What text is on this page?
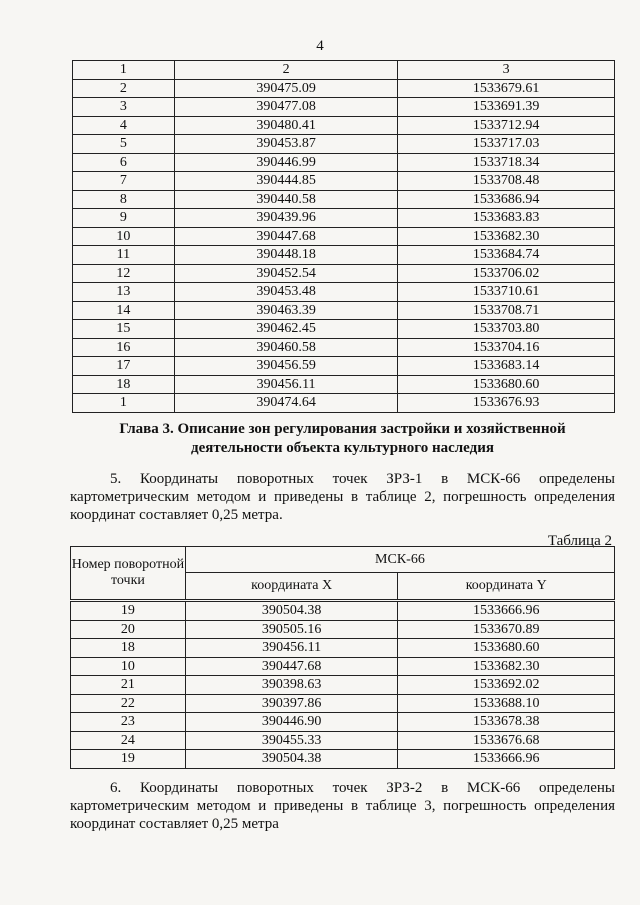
4
1	2	3
2	390475.09	1533679.61
3	390477.08	1533691.39
4	390480.41	1533712.94
5	390453.87	1533717.03
6	390446.99	1533718.34
7	390444.85	1533708.48
8	390440.58	1533686.94
9	390439.96	1533683.83
10	390447.68	1533682.30
11	390448.18	1533684.74
12	390452.54	1533706.02
13	390453.48	1533710.61
14	390463.39	1533708.71
15	390462.45	1533703.80
16	390460.58	1533704.16
17	390456.59	1533683.14
18	390456.11	1533680.60
1	390474.64	1533676.93
Глава 3. Описание зон регулирования застройки и хозяйственной
деятельности объекта культурного наследия
5. Координаты поворотных точек ЗРЗ-1 в МСК-66 определены
картометрическим методом и приведены в таблице 2, погрешность определения
координат составляет 0,25 метра.
Таблица 2
Номер поворотной точки	МСК-66	
	координата X	координата Y
19	390504.38	1533666.96
20	390505.16	1533670.89
18	390456.11	1533680.60
10	390447.68	1533682.30
21	390398.63	1533692.02
22	390397.86	1533688.10
23	390446.90	1533678.38
24	390455.33	1533676.68
19	390504.38	1533666.96
6. Координаты поворотных точек ЗРЗ-2 в МСК-66 определены
картометрическим методом и приведены в таблице 3, погрешность определения
координат составляет 0,25 метра
